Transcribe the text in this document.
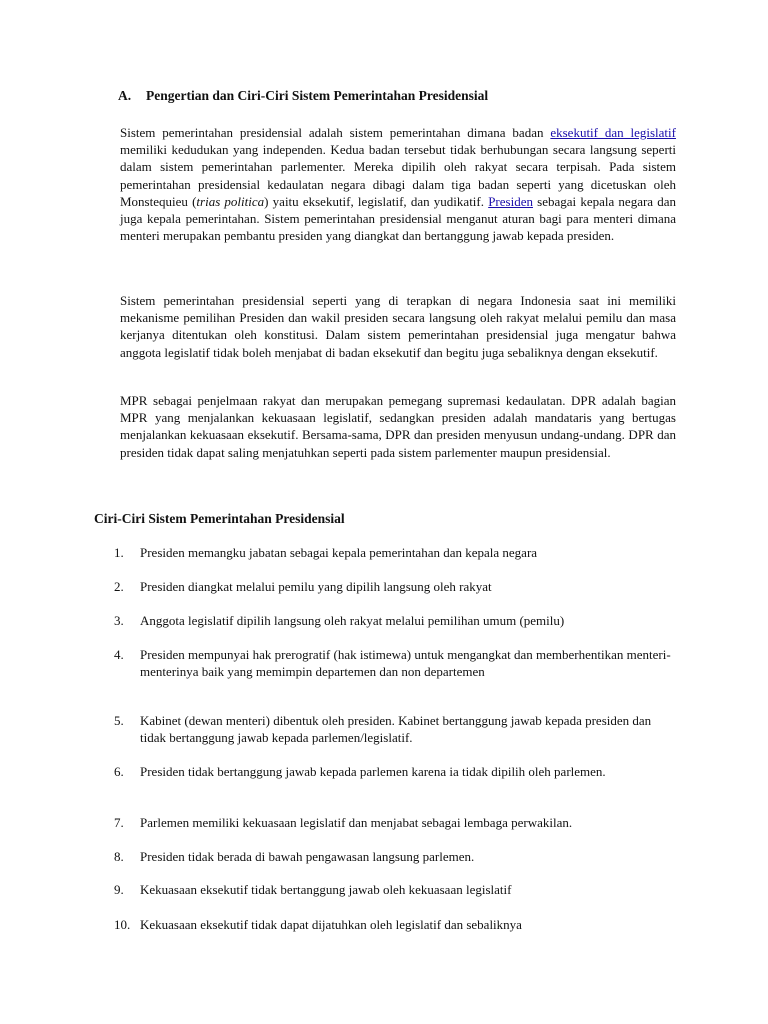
A. Pengertian dan Ciri-Ciri Sistem Pemerintahan Presidensial

Sistem pemerintahan presidensial adalah sistem pemerintahan dimana badan eksekutif dan legislatif memiliki kedudukan yang independen. Kedua badan tersebut tidak berhubungan secara langsung seperti dalam sistem pemerintahan parlementer. Mereka dipilih oleh rakyat secara terpisah. Pada sistem pemerintahan presidensial kedaulatan negara dibagi dalam tiga badan seperti yang dicetuskan oleh Monstequieu (trias politica) yaitu eksekutif, legislatif, dan yudikatif. Presiden sebagai kepala negara dan juga kepala pemerintahan. Sistem pemerintahan presidensial menganut aturan bagi para menteri dimana menteri merupakan pembantu presiden yang diangkat dan bertanggung jawab kepada presiden.

Sistem pemerintahan presidensial seperti yang di terapkan di negara Indonesia saat ini memiliki mekanisme pemilihan Presiden dan wakil presiden secara langsung oleh rakyat melalui pemilu dan masa kerjanya ditentukan oleh konstitusi. Dalam sistem pemerintahan presidensial juga mengatur bahwa anggota legislatif tidak boleh menjabat di badan eksekutif dan begitu juga sebaliknya dengan eksekutif.

MPR sebagai penjelmaan rakyat dan merupakan pemegang supremasi kedaulatan. DPR adalah bagian MPR yang menjalankan kekuasaan legislatif, sedangkan presiden adalah mandataris yang bertugas menjalankan kekuasaan eksekutif. Bersama-sama, DPR dan presiden menyusun undang-undang. DPR dan presiden tidak dapat saling menjatuhkan seperti pada sistem parlementer maupun presidensial.

Ciri-Ciri Sistem Pemerintahan Presidensial
1.	Presiden memangku jabatan sebagai kepala pemerintahan dan kepala negara
2.	Presiden diangkat melalui pemilu yang dipilih langsung oleh rakyat
3.	Anggota legislatif dipilih langsung oleh rakyat melalui pemilihan umum (pemilu)
4.	Presiden mempunyai hak prerogratif (hak istimewa) untuk mengangkat dan memberhentikan menteri-menterinya baik yang memimpin departemen dan non departemen
5.	Kabinet (dewan menteri) dibentuk oleh presiden. Kabinet bertanggung jawab kepada presiden dan tidak bertanggung jawab kepada parlemen/legislatif.
6.	Presiden tidak bertanggung jawab kepada parlemen karena ia tidak dipilih oleh parlemen.
7.	Parlemen memiliki kekuasaan legislatif dan menjabat sebagai lembaga perwakilan.
8.	Presiden tidak berada di bawah pengawasan langsung parlemen.
9.	Kekuasaan eksekutif tidak bertanggung jawab oleh kekuasaan legislatif
10. Kekuasaan eksekutif tidak dapat dijatuhkan oleh legislatif dan sebaliknya
